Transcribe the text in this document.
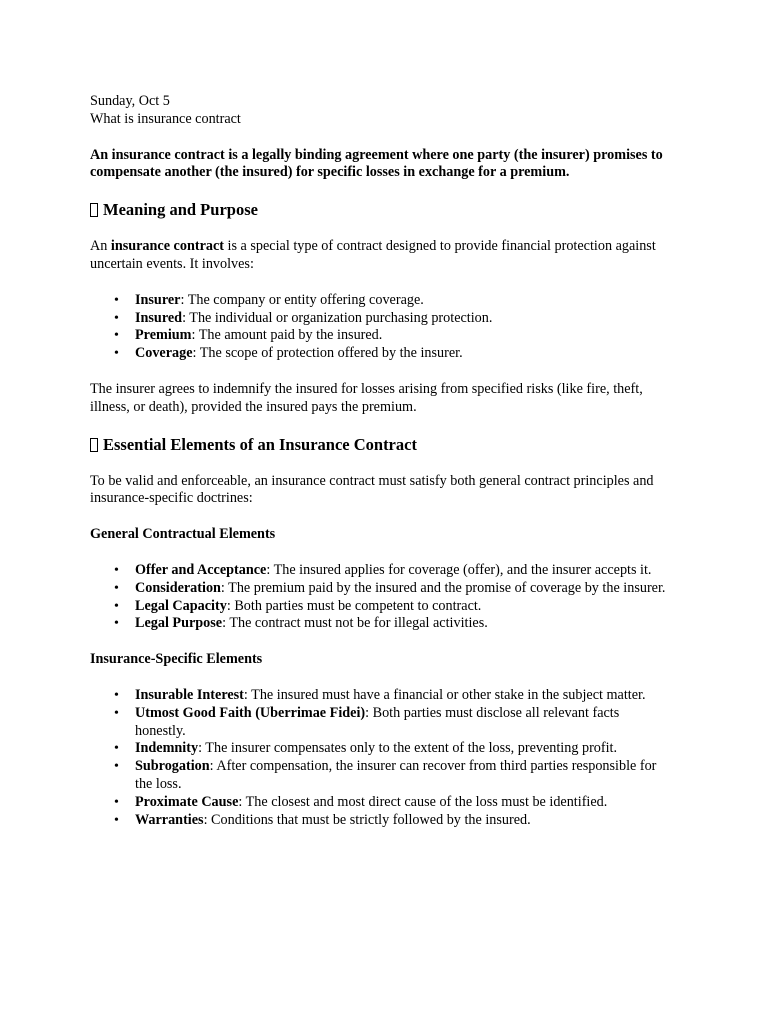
Sunday, Oct 5

What is insurance contract

An insurance contract is a legally binding agreement where one party (the insurer) promises to compensate another (the insured) for specific losses in exchange for a premium.

Meaning and Purpose

An insurance contract is a special type of contract designed to provide financial protection against uncertain events. It involves:

• Insurer: The company or entity offering coverage.
• Insured: The individual or organization purchasing protection.
• Premium: The amount paid by the insured.
• Coverage: The scope of protection offered by the insurer.

The insurer agrees to indemnify the insured for losses arising from specified risks (like fire, theft, illness, or death), provided the insured pays the premium.

Essential Elements of an Insurance Contract

To be valid and enforceable, an insurance contract must satisfy both general contract principles and insurance-specific doctrines:

General Contractual Elements
• Offer and Acceptance: The insured applies for coverage (offer), and the insurer accepts it.
• Consideration: The premium paid by the insured and the promise of coverage by the insurer.
• Legal Capacity: Both parties must be competent to contract.
• Legal Purpose: The contract must not be for illegal activities.
Insurance-Specific Elements
• Insurable Interest: The insured must have a financial or other stake in the subject matter.
• Utmost Good Faith (Uberrimae Fidei): Both parties must disclose all relevant facts honestly.
• Indemnity: The insurer compensates only to the extent of the loss, preventing profit.
• Subrogation: After compensation, the insurer can recover from third parties responsible for the loss.
• Proximate Cause: The closest and most direct cause of the loss must be identified.
• Warranties: Conditions that must be strictly followed by the insured.
